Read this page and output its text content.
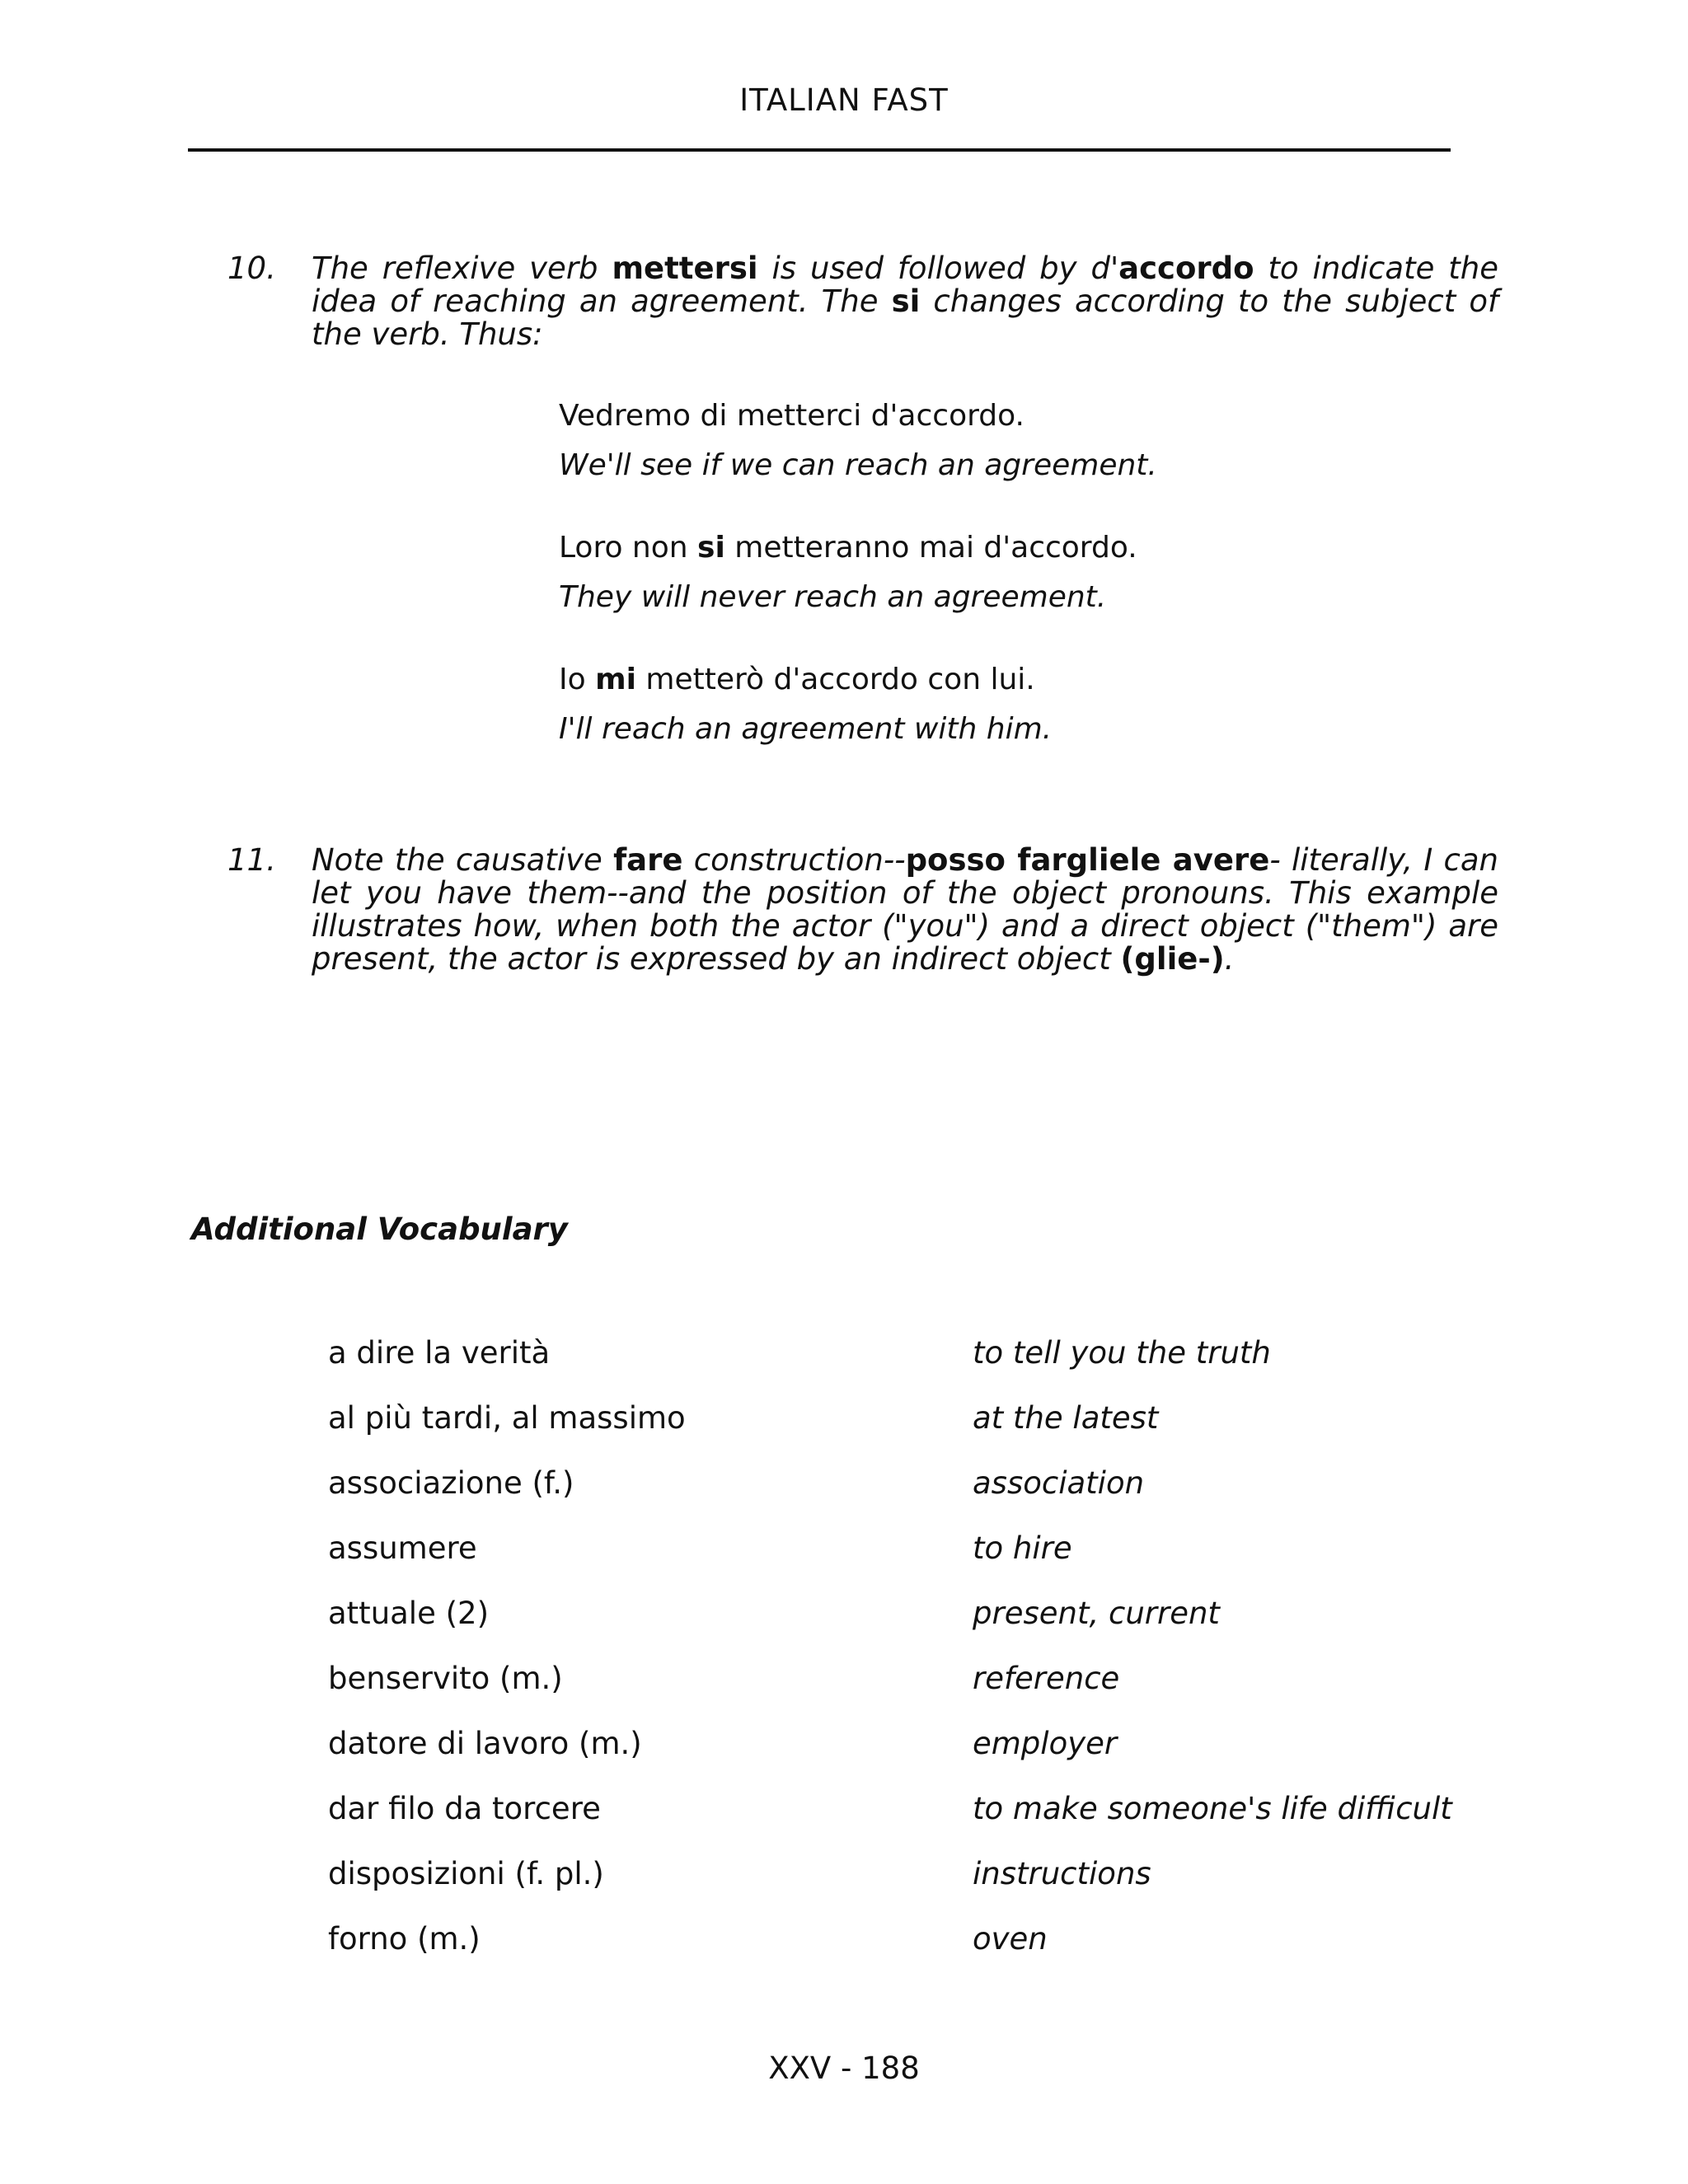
ITALIAN FAST
10. The reflexive verb mettersi is used followed by d'accordo to indicate the idea of reaching an agreement. The si changes according to the subject of the verb. Thus:
Vedremo di metterci d'accordo.
We'll see if we can reach an agreement.
Loro non si metteranno mai d'accordo.
They will never reach an agreement.
Io mi metterò d'accordo con lui.
I'll reach an agreement with him.
11. Note the causative fare construction--posso fargliele avere- literally, I can let you have them--and the position of the object pronouns. This example illustrates how, when both the actor ("you") and a direct object ("them") are present, the actor is expressed by an indirect object (glie-).
Additional Vocabulary
a dire la verità	to tell you the truth
al più tardi, al massimo	at the latest
associazione (f.)	association
assumere	to hire
attuale (2)	present, current
benservito (m.)	reference
datore di lavoro (m.)	employer
dar filo da torcere	to make someone's life difficult
disposizioni (f. pl.)	instructions
forno (m.)	oven
XXV - 188
